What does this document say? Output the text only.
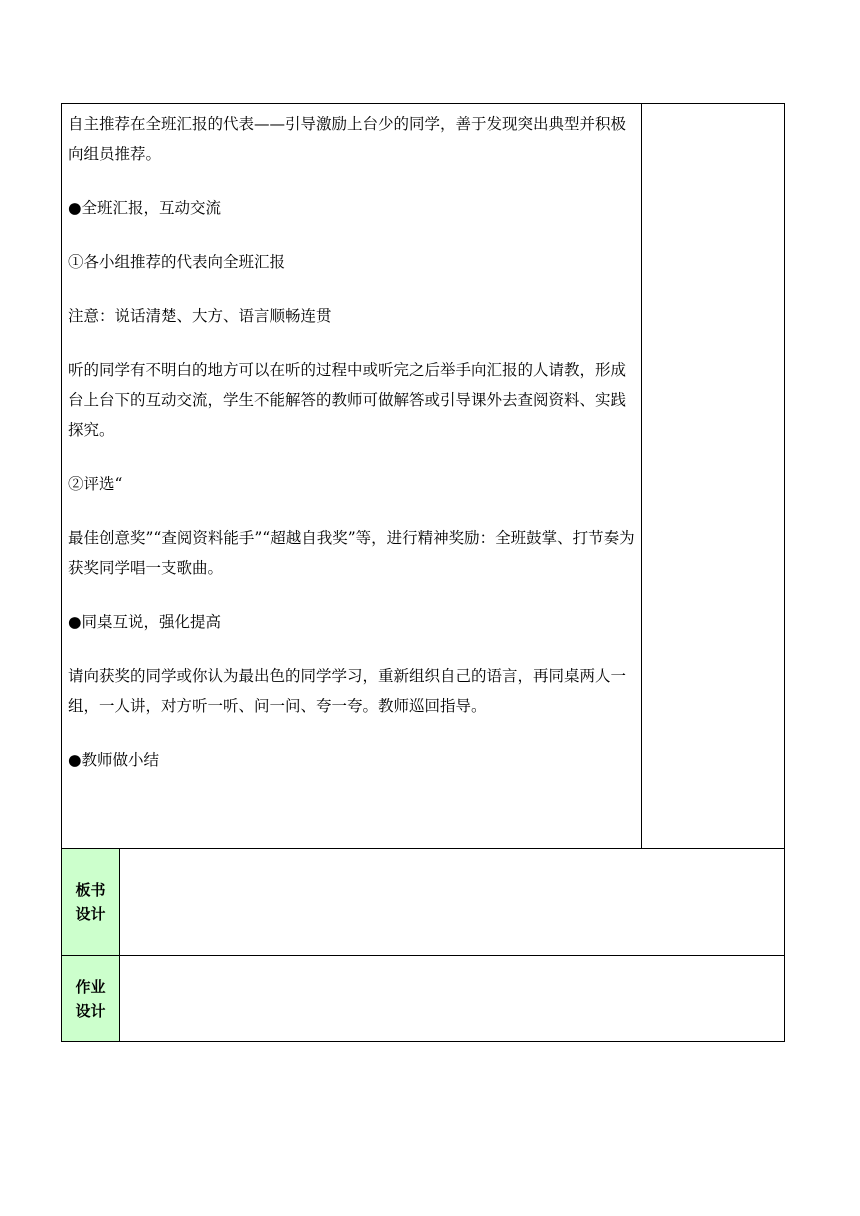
自主推荐在全班汇报的代表——引导激励上台少的同学，善于发现突出典型并积极向组员推荐。

●全班汇报，互动交流

①各小组推荐的代表向全班汇报

注意：说话清楚、大方、语言顺畅连贯

听的同学有不明白的地方可以在听的过程中或听完之后举手向汇报的人请教，形成台上台下的互动交流，学生不能解答的教师可做解答或引导课外去查阅资料、实践探究。

②评选“

最佳创意奖”“查阅资料能手”“超越自我奖”等，进行精神奖励：全班鼓掌、打节奏为获奖同学唱一支歌曲。

●同桌互说，强化提高

请向获奖的同学或你认为最出色的同学学习，重新组织自己的语言，再同桌两人一组，一人讲，对方听一听、问一问、夸一夸。教师巡回指导。

●教师做小结

板书
设计
作业
设计
